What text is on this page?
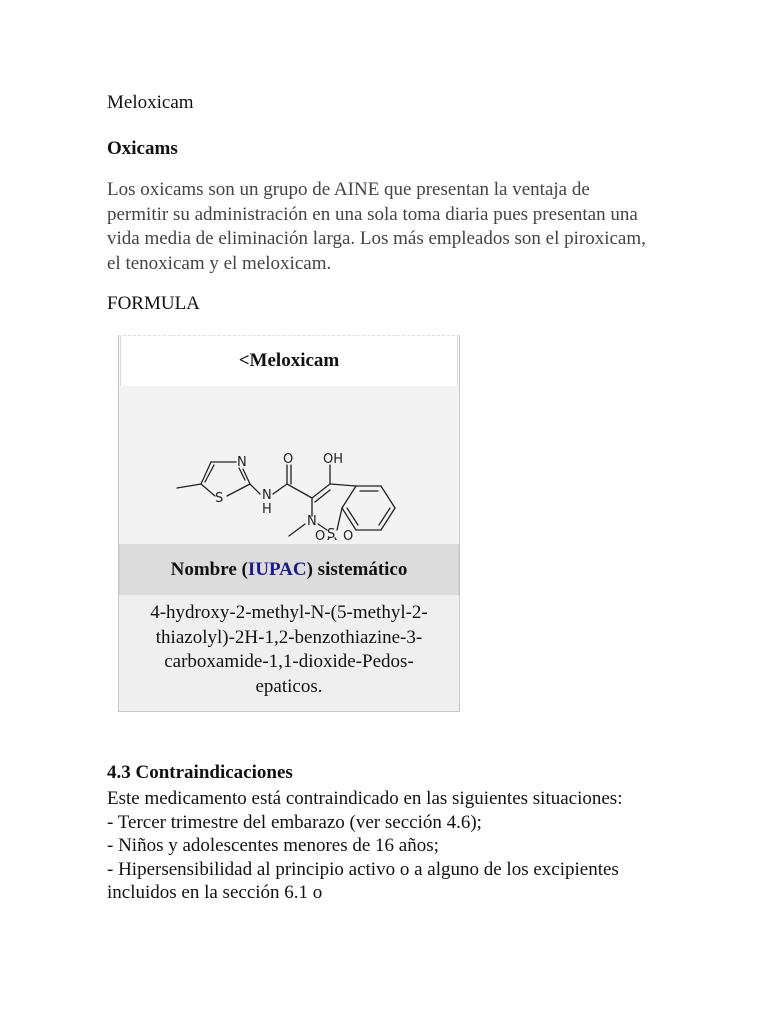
Meloxicam

Oxicams

Los oxicams son un grupo de AINE que presentan la ventaja de permitir su administración en una sola toma diaria pues presentan una vida media de eliminación larga. Los más empleados son el piroxicam, el tenoxicam y el meloxicam.

FORMULA

<Meloxicam
N
S	N
H
O OH
N
S
O O
Nombre ( IUPAC ) sistemático
4-hydroxy-2-methyl-N-(5-methyl-2-thiazolyl)-2H-1,2-benzothiazine-3-carboxamide-1,1-dioxide-Pedos-epaticos.

4.3 Contraindicaciones

Este medicamento está contraindicado en las siguientes situaciones:
- Tercer trimestre del embarazo (ver sección 4.6);
- Niños y adolescentes menores de 16 años;
- Hipersensibilidad al principio activo o a alguno de los excipientes incluidos en la sección 6.1 o
